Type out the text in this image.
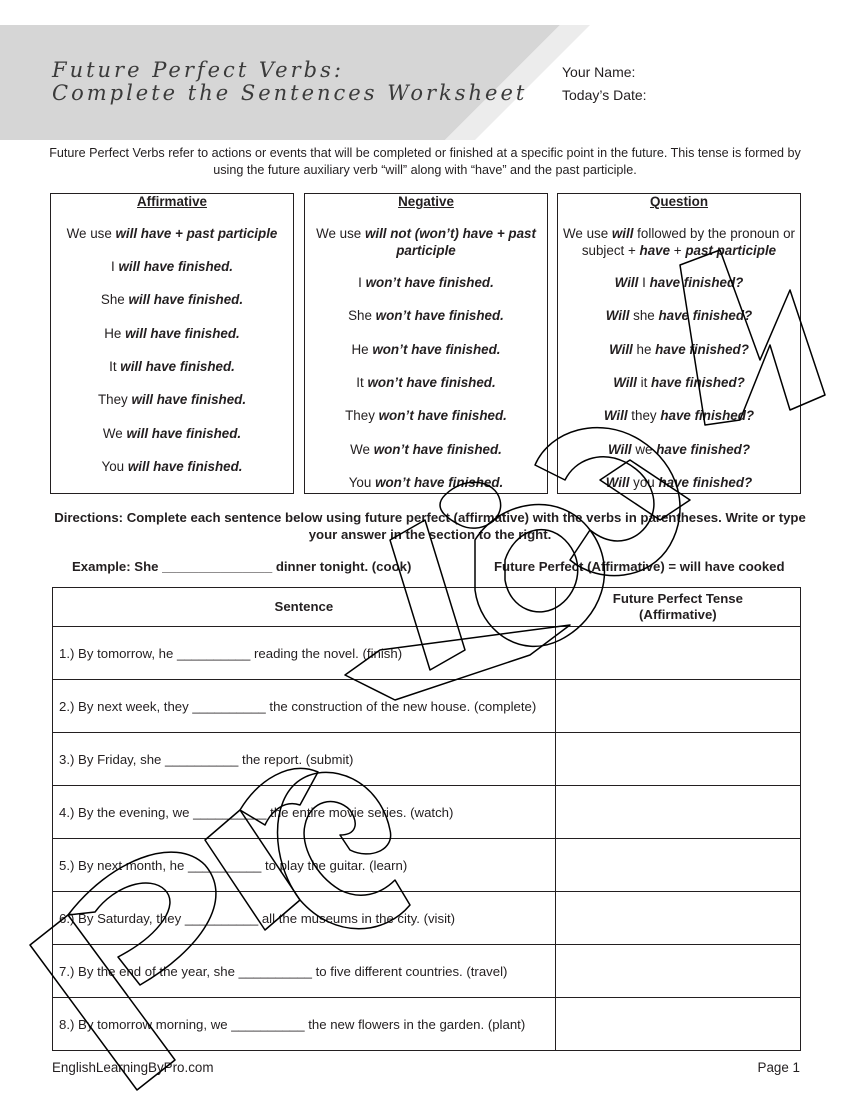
Future Perfect Verbs:
Complete the Sentences Worksheet
Your Name:
Today’s Date:
Future Perfect Verbs refer to actions or events that will be completed or finished at a specific point in the future. This tense is formed by using the future auxiliary verb “will” along with “have” and the past participle.
Affirmative
We use will have + past participle
I will have finished.
She will have finished.
He will have finished.
It will have finished.
They will have finished.
We will have finished.
You will have finished.
Negative
We use will not (won’t) have + past participle
I won’t have finished.
She won’t have finished.
He won’t have finished.
It won’t have finished.
They won’t have finished.
We won’t have finished.
You won’t have finished.
Question
We use will followed by the pronoun or subject + have + past participle
Will I have finished?
Will she have finished?
Will he have finished?
Will it have finished?
Will they have finished?
Will we have finished?
Will you have finished?
Directions: Complete each sentence below using future perfect (affirmative) with the verbs in parentheses. Write or type your answer in the section to the right.
Example: She _______________ dinner tonight. (cook)	Future Perfect (Affirmative) = will have cooked
Sentence	Future Perfect Tense (Affirmative)
1.) By tomorrow, he __________ reading the novel. (finish)	
2.) By next week, they __________ the construction of the new house. (complete)	
3.) By Friday, she __________ the report. (submit)	
4.) By the evening, we __________ the entire movie series. (watch)	
5.) By next month, he __________ to play the guitar. (learn)	
6.) By Saturday, they __________ all the museums in the city. (visit)	
7.) By the end of the year, she __________ to five different countries. (travel)	
8.) By tomorrow morning, we __________ the new flowers in the garden. (plant)	
EnglishLearningByPro.com	Page 1
